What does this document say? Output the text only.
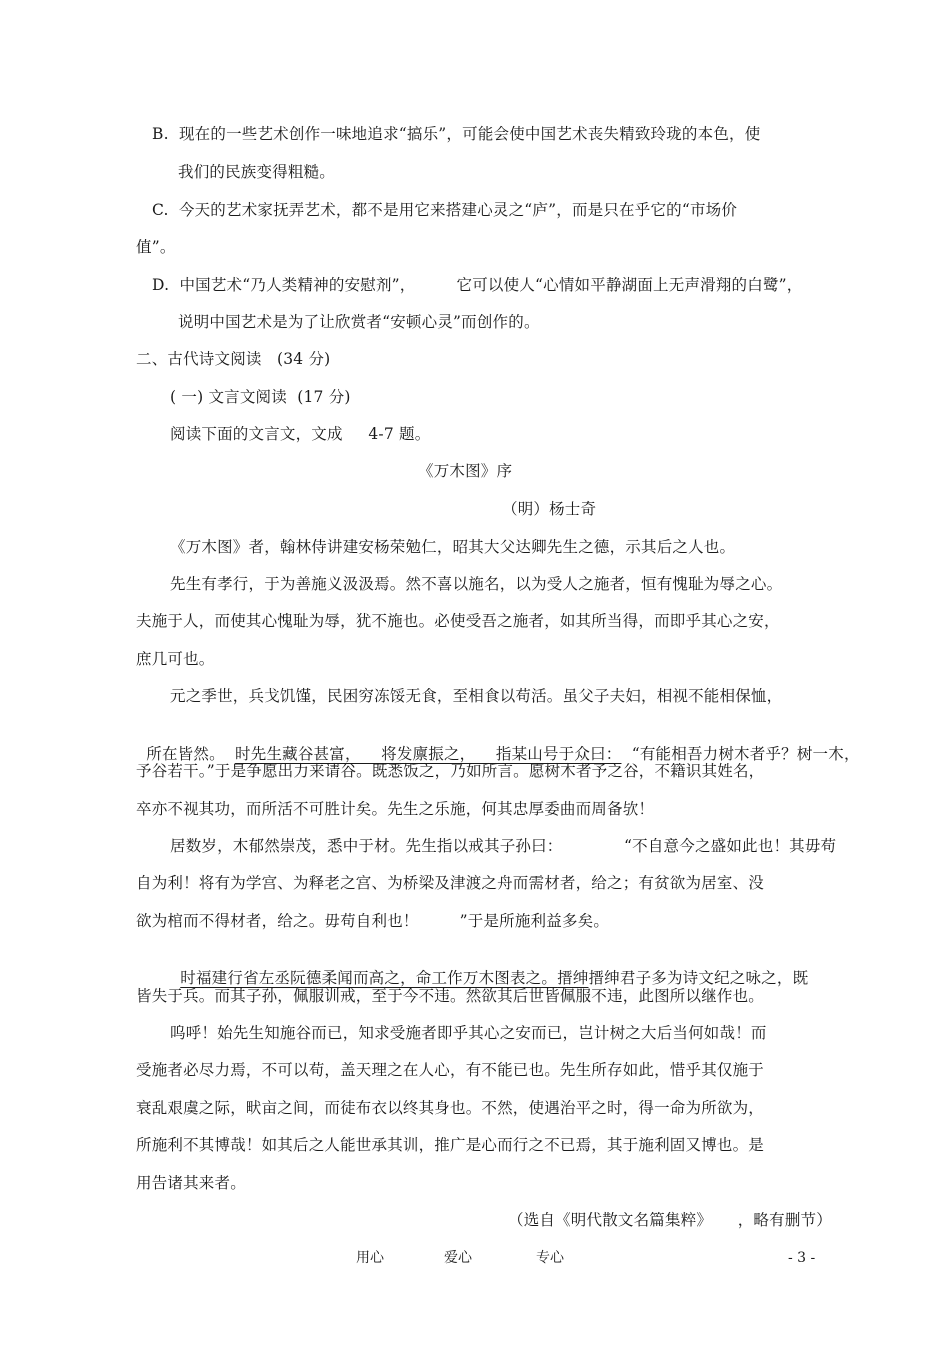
B.  现在的一些艺术创作一味地追求“搞乐”，可能会使中国艺术丧失精致玲珑的本色，使
我们的民族变得粗糙。
C.  今天的艺术家抚弄艺术，都不是用它来搭建心灵之“庐”，而是只在乎它的“市场价
值”。
D.  中国艺术“乃人类精神的安慰剂”，        它可以使人“心情如平静湖面上无声滑翔的白鹭”，
说明中国艺术是为了让欣赏者“安顿心灵”而创作的。
二、古代诗文阅读   (34 分)
( 一) 文言文阅读  (17 分)
阅读下面的文言文，文成     4-7 题。
《万木图》序
（明）杨士奇
《万木图》者，翰林侍讲建安杨荣勉仁，昭其大父达卿先生之德，示其后之人也。
先生有孝行，于为善施义汲汲焉。然不喜以施名，以为受人之施者，恒有愧耻为辱之心。
夫施于人，而使其心愧耻为辱，犹不施也。必使受吾之施者，如其所当得，而即乎其心之安，
庶几可也。
元之季世，兵戈饥馑，民困穷冻馁无食，至相食以苟活。虽父子夫妇，相视不能相保恤，

所在皆然。 时先生藏谷甚富，    将发廪振之，    指某山号于众曰： “有能相吾力树木者乎？树一木，

予谷若干。”于是争愿出力来请谷。既悉饭之，乃如所言。愿树木者予之谷，不籍识其姓名，
卒亦不视其功，而所活不可胜计矣。先生之乐施，何其忠厚委曲而周备欤！
居数岁，木郁然崇茂，悉中于材。先生指以戒其子孙曰：            “不自意今之盛如此也！其毋苟
自为利！将有为学宫、为释老之宫、为桥梁及津渡之舟而需材者，给之；有贫欲为居室、没
欲为棺而不得材者，给之。毋苟自利也！        ”于是所施利益多矣。

时福建行省左丞阮德柔闻而高之，命工作万木图表之。搢绅搢绅君子多为诗文纪之咏之，既

皆失于兵。而其子孙，佩服训戒，至于今不违。然欲其后世皆佩服不违，此图所以继作也。
呜呼！始先生知施谷而已，知求受施者即乎其心之安而已，岂计树之大后当何如哉！而
受施者必尽力焉，不可以苟，盖天理之在人心，有不能已也。先生所存如此，惜乎其仅施于
衰乱艰虞之际，畎亩之间，而徒布衣以终其身也。不然，使遇治平之时，得一命为所欲为，
所施利不其博哉！如其后之人能世承其训，推广是心而行之不已焉，其于施利固又博也。是
用告诸其来者。
（选自《明代散文名篇集粹》     ，略有删节）
用心	爱心	专心	- 3 -
